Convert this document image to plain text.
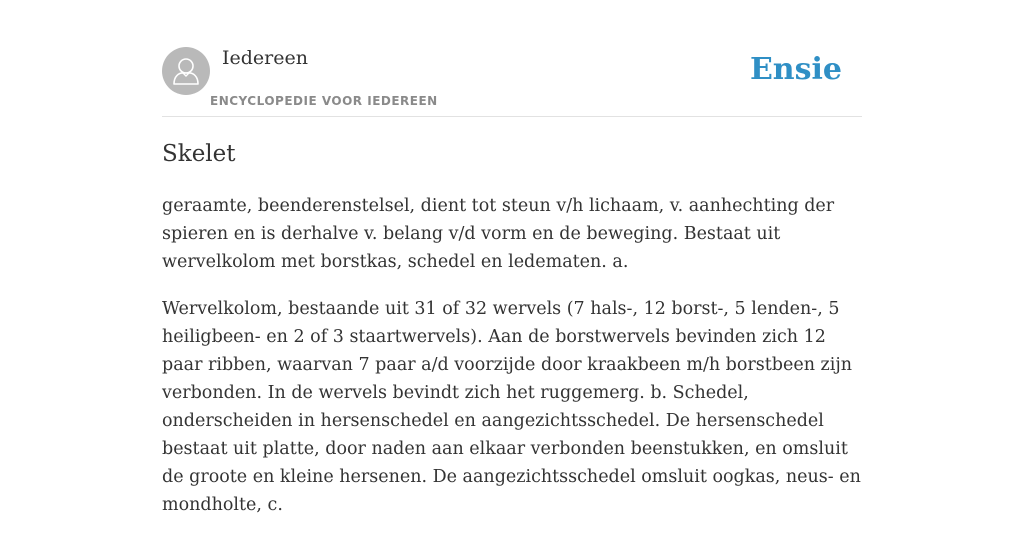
Iedereen
ENCYCLOPEDIE VOOR IEDEREEN
Ensie
Skelet

geraamte, beenderenstelsel, dient tot steun v/h lichaam, v. aanhechting der spieren en is derhalve v. belang v/d vorm en de beweging. Bestaat uit wervelkolom met borstkas, schedel en ledematen. a.

Wervelkolom, bestaande uit 31 of 32 wervels (7 hals-, 12 borst-, 5 lenden-, 5 heiligbeen- en 2 of 3 staartwervels). Aan de borstwervels bevinden zich 12 paar ribben, waarvan 7 paar a/d voorzijde door kraakbeen m/h borstbeen zijn verbonden. In de wervels bevindt zich het ruggemerg. b. Schedel, onderscheiden in hersenschedel en aangezichtsschedel. De hersenschedel bestaat uit platte, door naden aan elkaar verbonden beenstukken, en omsluit de groote en kleine hersenen. De aangezichtsschedel omsluit oogkas, neus- en mondholte, c.
